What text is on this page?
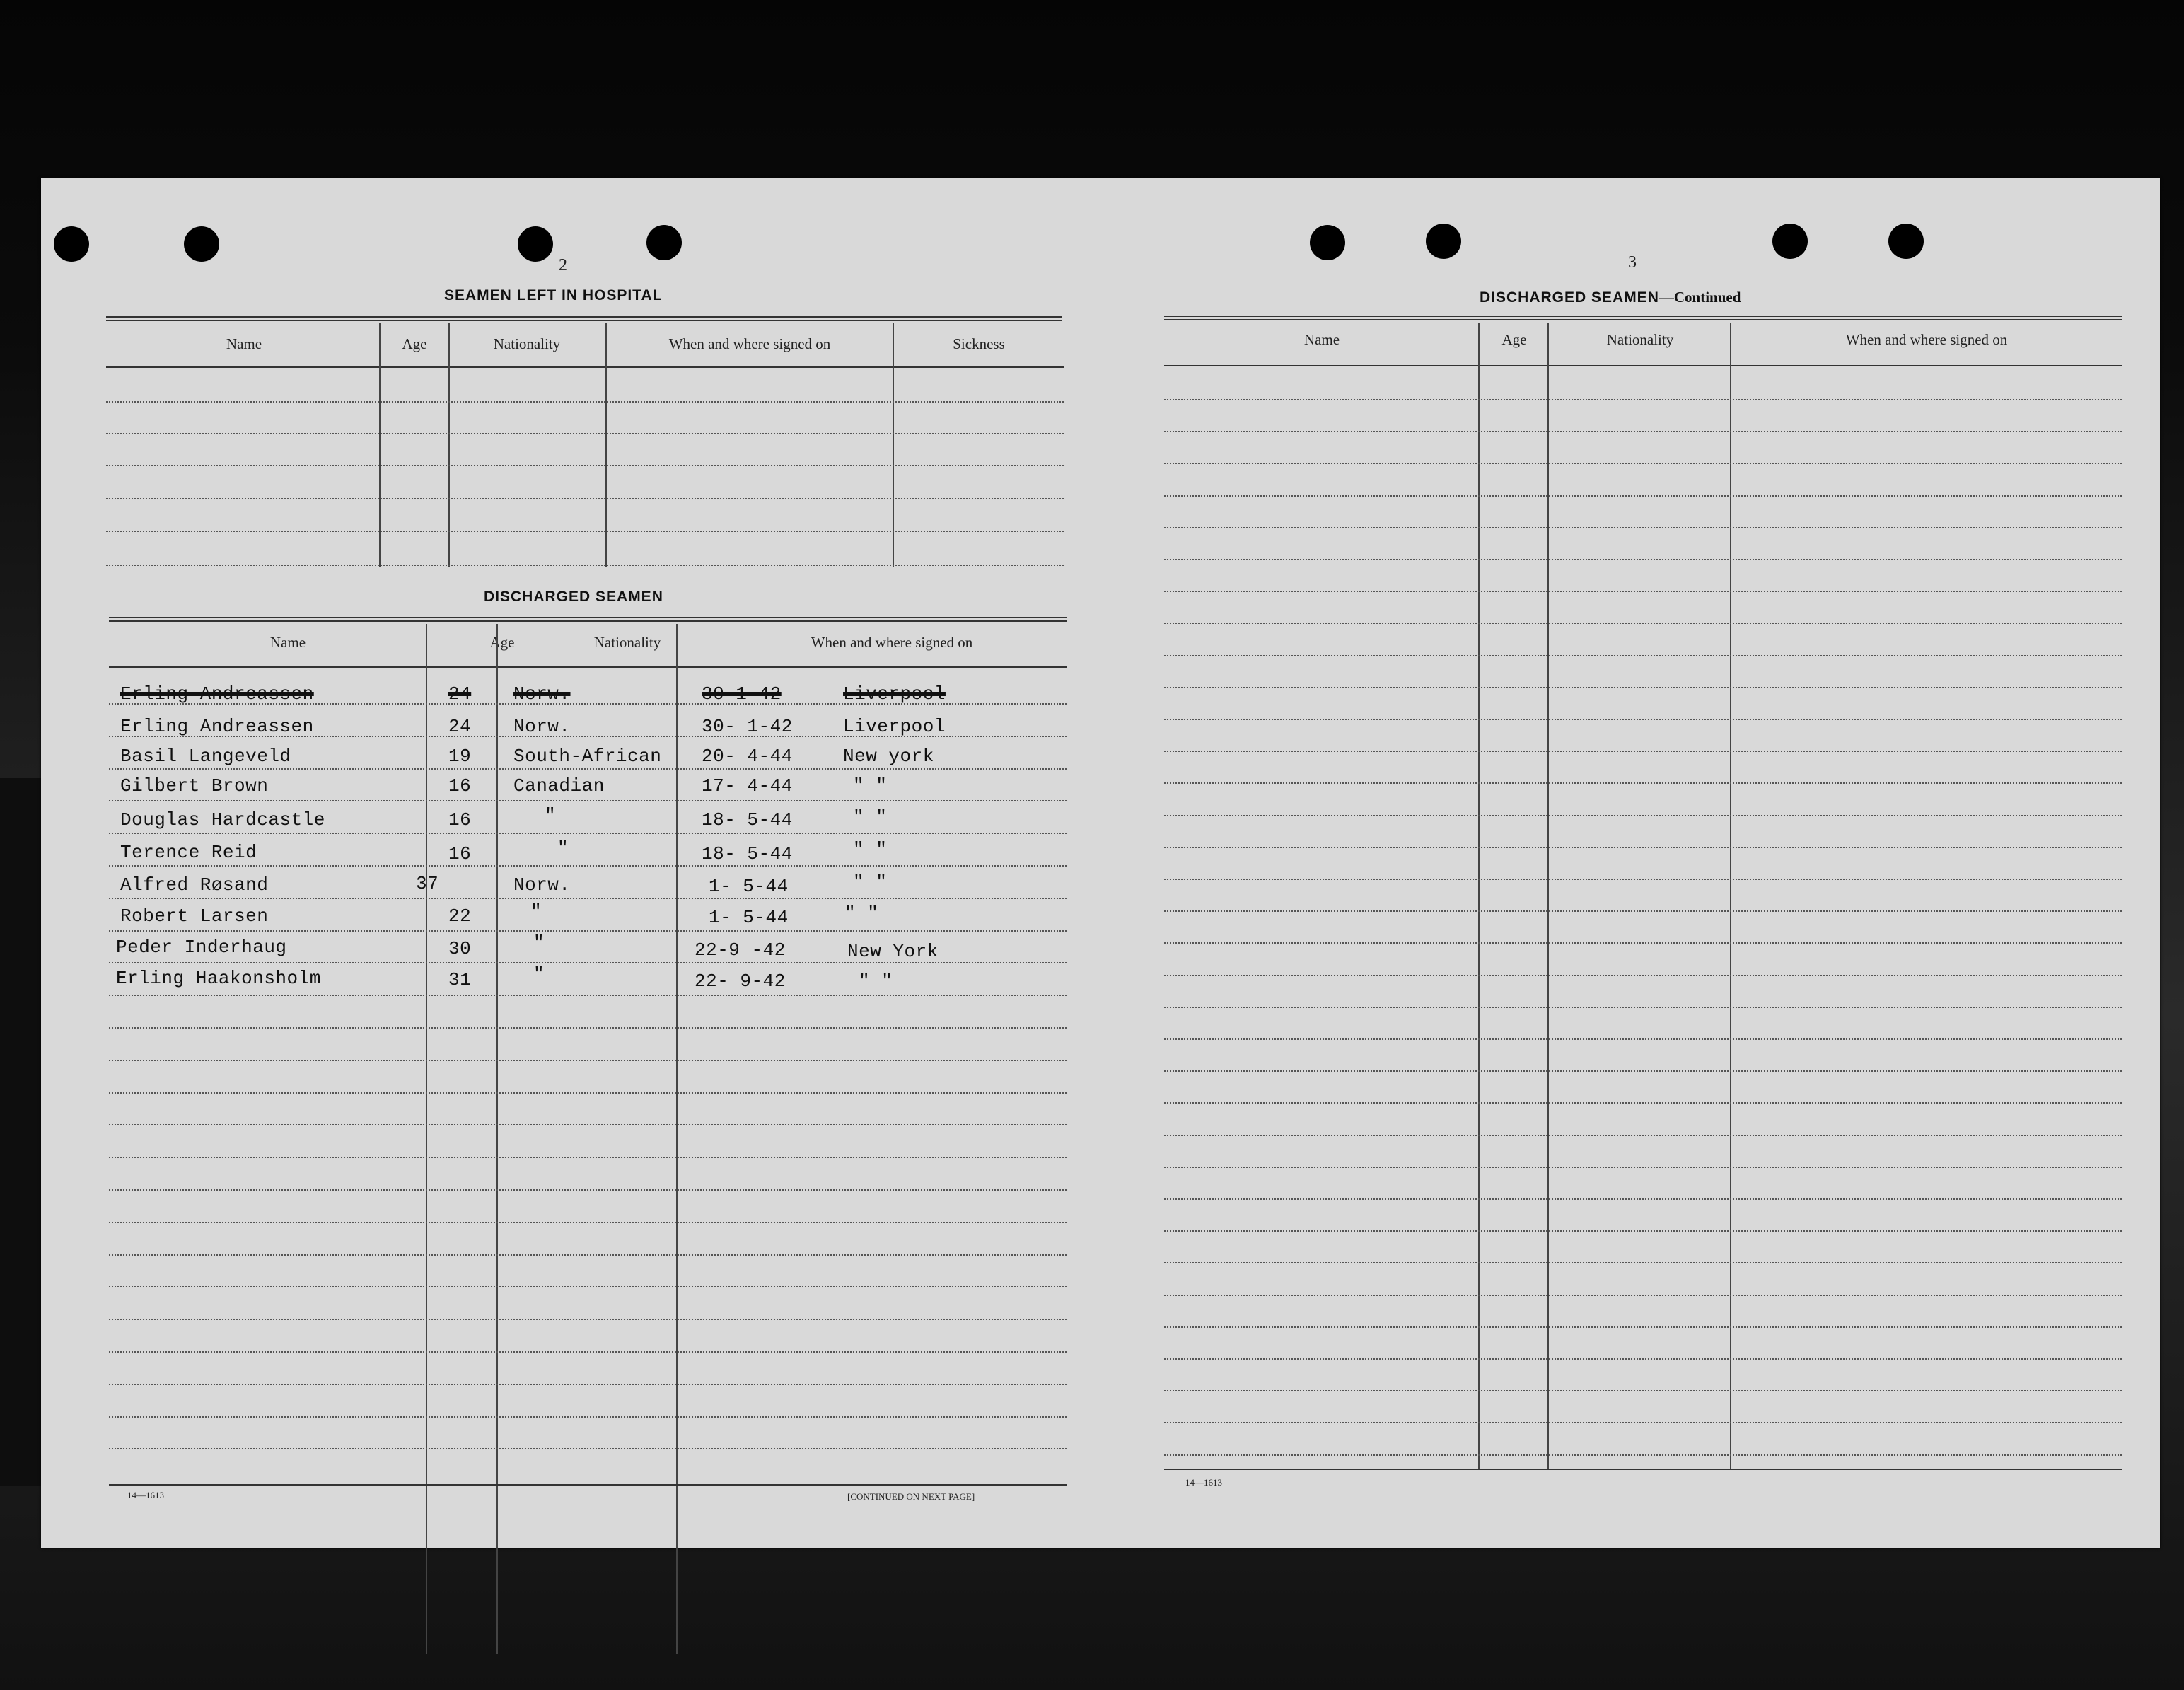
2
SEAMEN LEFT IN HOSPITAL
Name	Age	Nationality	When and where signed on	Sickness
DISCHARGED SEAMEN
Name	Age	Nationality	When and where signed on
Erling Andreassen	24 Norw.	30-1-42	Liverpool
Erling Andreassen	24 Norw.	30- 1-42	Liverpool
Basil Langeveld	19 South-African 20- 4-44	New york
Gilbert Brown	16 Canadian	17- 4-44	" "
Douglas Hardcastle	16	"	18- 5-44	" "
Terence Reid	16	"	18- 5-44	" "
Alfred Røsand	37	Norw.	1- 5-44	" "
Robert Larsen	22	"	1- 5-44	" "
Peder Inderhaug	30	"	22-9 -42	New York
Erling Haakonsholm	31	"	22- 9-42	" "
14—1613	[CONTINUED ON NEXT PAGE]
3
DISCHARGED SEAMEN—Continued
Name	Age	Nationality	When and where signed on
14—1613
